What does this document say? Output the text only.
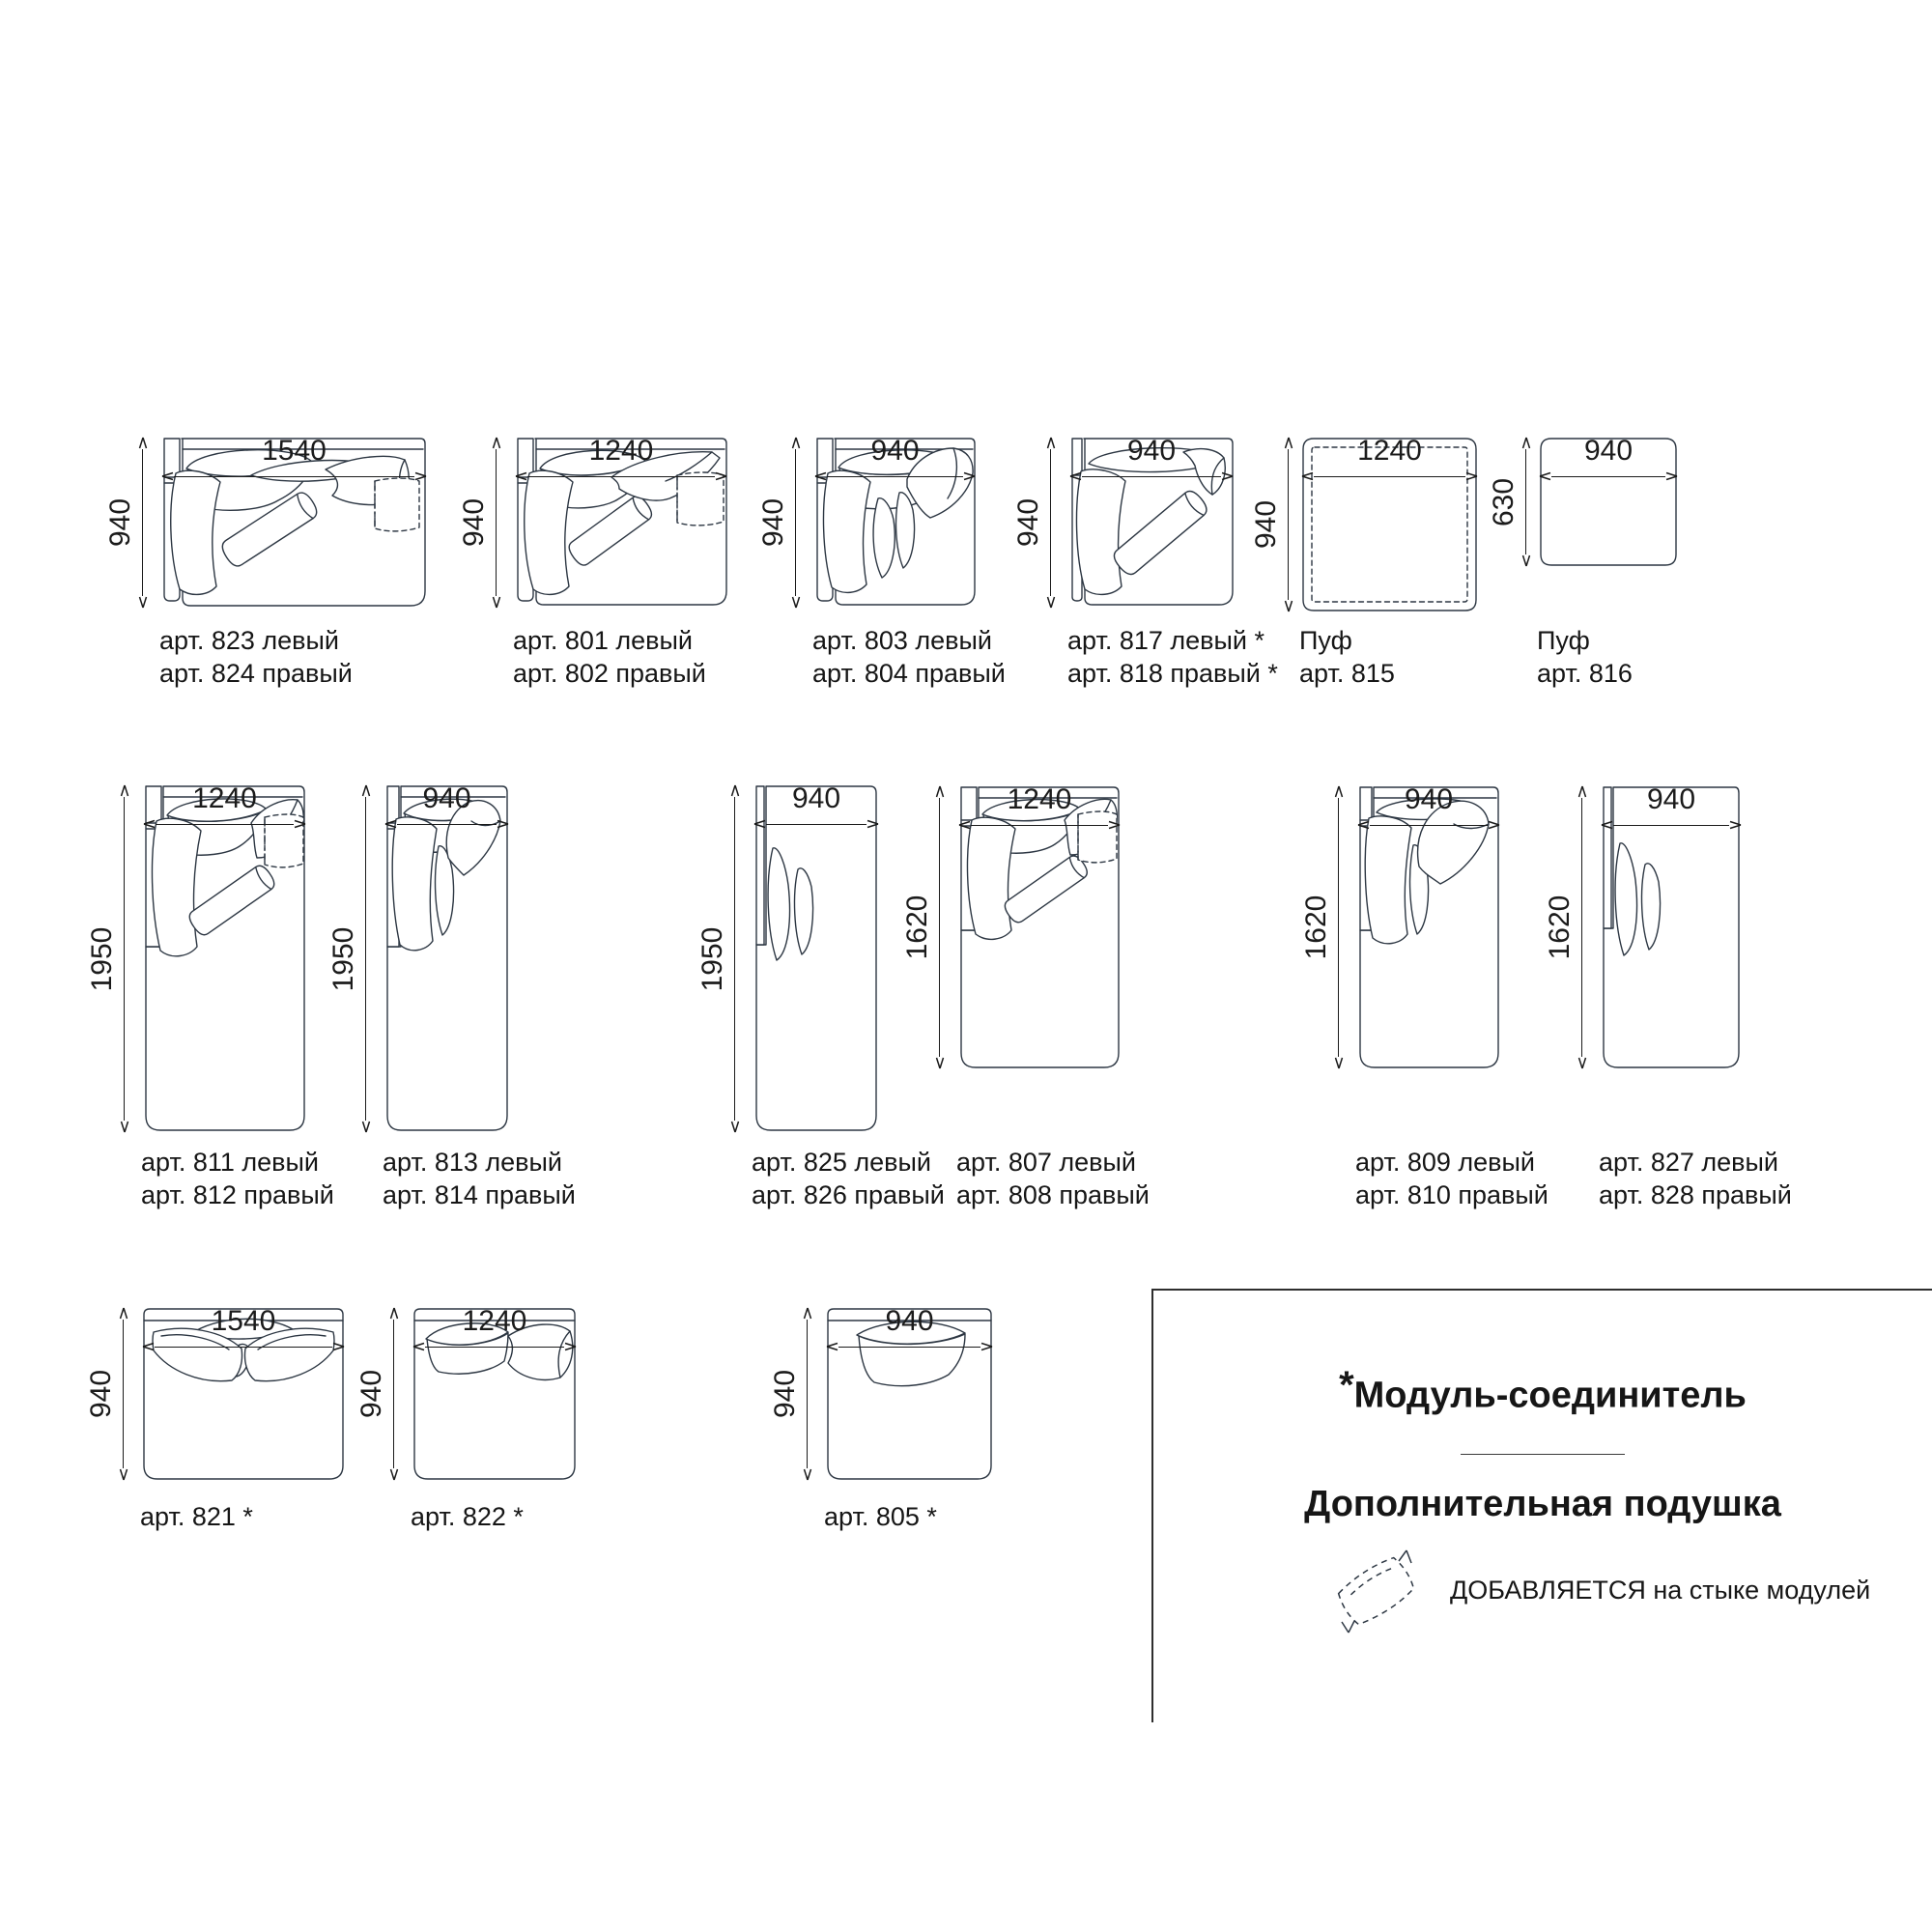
1540
940
арт. 823 левый
арт. 824 правый
1240
940
арт. 801 левый
арт. 802 правый
940
940
арт. 803 левый
арт. 804 правый
940
940
арт. 817 левый *
арт. 818 правый *
1240
940
Пуф
арт. 815
940
630
Пуф
арт. 816
1240
1950
арт. 811 левый
арт. 812 правый
940
1950
арт. 813 левый
арт. 814 правый
940
1950
арт. 825 левый
арт. 826 правый
1240
1620
арт. 807 левый
арт. 808 правый
940
1620
арт. 809 левый
арт. 810 правый
940
1620
арт. 827 левый
арт. 828 правый
1540
940
арт. 821 *
1240
940
арт. 822 *
940
940
арт. 805 *
*Модуль-соединитель
Дополнительная подушка
ДОБАВЛЯЕТСЯ на стыке модулей
